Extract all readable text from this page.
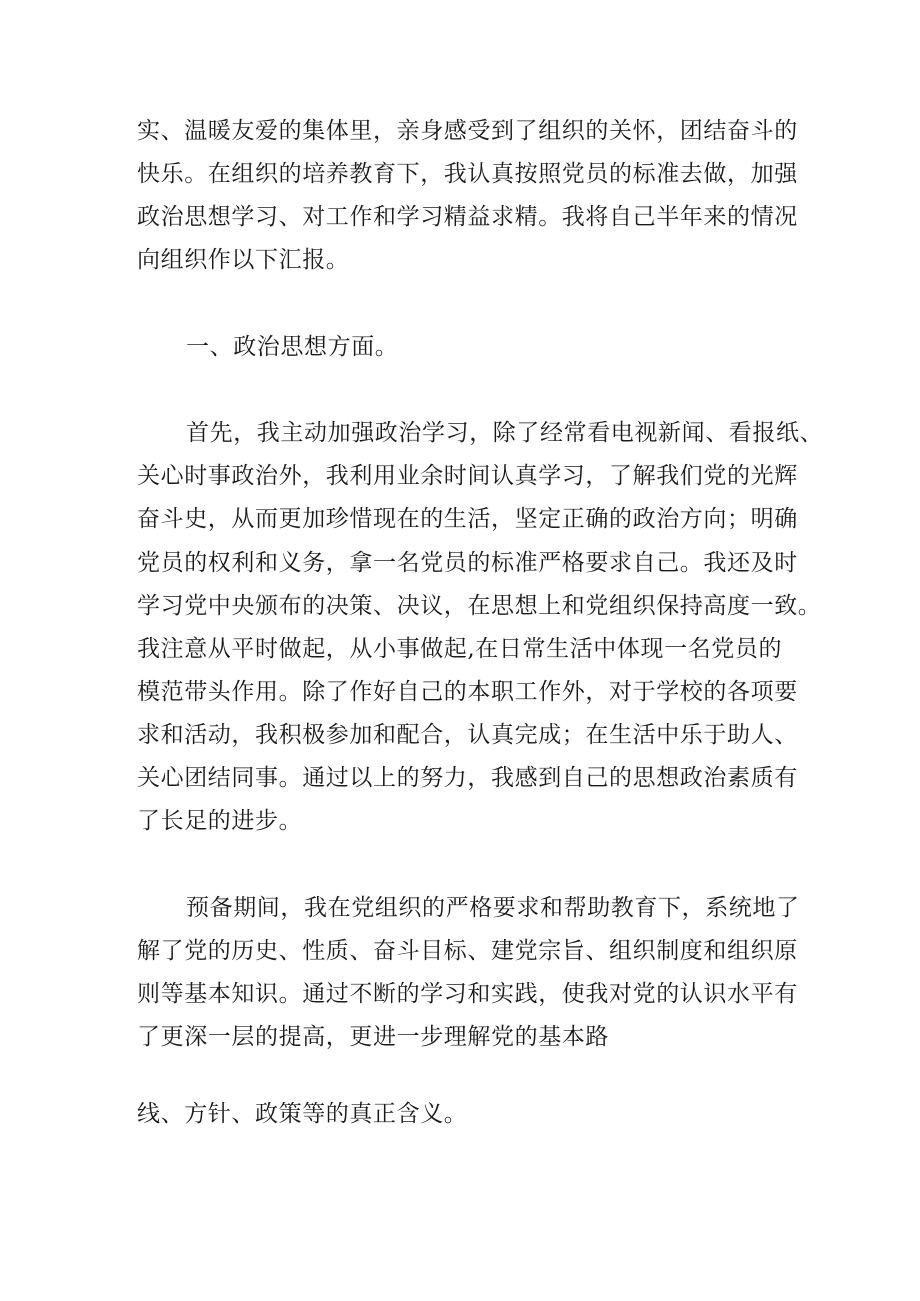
实、温暖友爱的集体里，亲身感受到了组织的关怀，团结奋斗的
快乐。在组织的培养教育下，我认真按照党员的标准去做，加强
政治思想学习、对工作和学习精益求精。我将自己半年来的情况
向组织作以下汇报。
一、政治思想方面。
首先，我主动加强政治学习，除了经常看电视新闻、看报纸、
关心时事政治外，我利用业余时间认真学习，了解我们党的光辉
奋斗史，从而更加珍惜现在的生活，坚定正确的政治方向；明确
党员的权利和义务，拿一名党员的标准严格要求自己。我还及时
学习党中央颁布的决策、决议，在思想上和党组织保持高度一致。
我注意从平时做起，从小事做起,在日常生活中体现一名党员的
模范带头作用。除了作好自己的本职工作外，对于学校的各项要
求和活动，我积极参加和配合，认真完成；在生活中乐于助人、
关心团结同事。通过以上的努力，我感到自己的思想政治素质有
了长足的进步。
预备期间，我在党组织的严格要求和帮助教育下，系统地了
解了党的历史、性质、奋斗目标、建党宗旨、组织制度和组织原
则等基本知识。通过不断的学习和实践，使我对党的认识水平有
了更深一层的提高，更进一步理解党的基本路
线、方针、政策等的真正含义。
